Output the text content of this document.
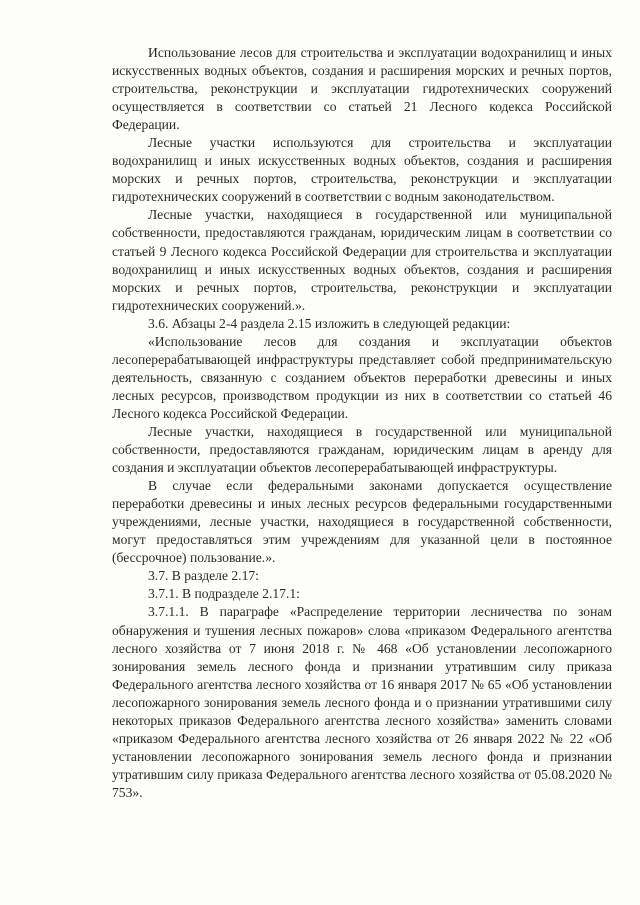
Использование лесов для строительства и эксплуатации водохранилищ и иных искусственных водных объектов, создания и расширения морских и речных портов, строительства, реконструкции и эксплуатации гидротехнических сооружений осуществляется в соответствии со статьей 21 Лесного кодекса Российской Федерации.

Лесные участки используются для строительства и эксплуатации водохранилищ и иных искусственных водных объектов, создания и расширения морских и речных портов, строительства, реконструкции и эксплуатации гидротехнических сооружений в соответствии с водным законодательством.

Лесные участки, находящиеся в государственной или муниципальной собственности, предоставляются гражданам, юридическим лицам в соответствии со статьей 9 Лесного кодекса Российской Федерации для строительства и эксплуатации водохранилищ и иных искусственных водных объектов, создания и расширения морских и речных портов, строительства, реконструкции и эксплуатации гидротехнических сооружений.».

3.6. Абзацы 2-4 раздела 2.15 изложить в следующей редакции:

«Использование лесов для создания и эксплуатации объектов лесоперерабатывающей инфраструктуры представляет собой предпринимательскую деятельность, связанную с созданием объектов переработки древесины и иных лесных ресурсов, производством продукции из них в соответствии со статьей 46 Лесного кодекса Российской Федерации.

Лесные участки, находящиеся в государственной или муниципальной собственности, предоставляются гражданам, юридическим лицам в аренду для создания и эксплуатации объектов лесоперерабатывающей инфраструктуры.

В случае если федеральными законами допускается осуществление переработки древесины и иных лесных ресурсов федеральными государственными учреждениями, лесные участки, находящиеся в государственной собственности, могут предоставляться этим учреждениям для указанной цели в постоянное (бессрочное) пользование.».

3.7. В разделе 2.17:

3.7.1. В подразделе 2.17.1:

3.7.1.1. В параграфе «Распределение территории лесничества по зонам обнаружения и тушения лесных пожаров» слова «приказом Федерального агентства лесного хозяйства от 7 июня 2018 г. № 468 «Об установлении лесопожарного зонирования земель лесного фонда и признании утратившим силу приказа Федерального агентства лесного хозяйства от 16 января 2017 № 65 «Об установлении лесопожарного зонирования земель лесного фонда и о признании утратившими силу некоторых приказов Федерального агентства лесного хозяйства» заменить словами «приказом Федерального агентства лесного хозяйства от 26 января 2022 № 22 «Об установлении лесопожарного зонирования земель лесного фонда и признании утратившим силу приказа Федерального агентства лесного хозяйства от 05.08.2020 № 753».
